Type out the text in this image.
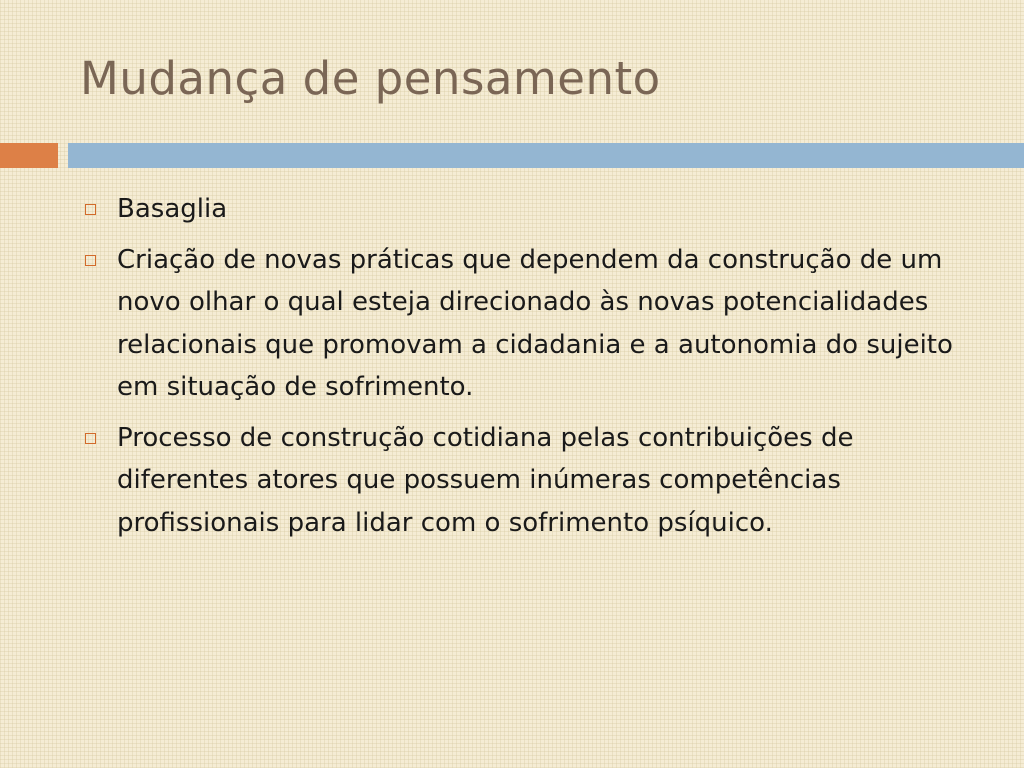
Mudança de pensamento
Basaglia
Criação de novas práticas que dependem da construção de um novo olhar o qual esteja direcionado às novas potencialidades relacionais que promovam a cidadania e a autonomia do sujeito em situação de sofrimento.
Processo de construção cotidiana pelas contribuições de diferentes atores que possuem inúmeras competências profissionais para lidar com o sofrimento psíquico.
